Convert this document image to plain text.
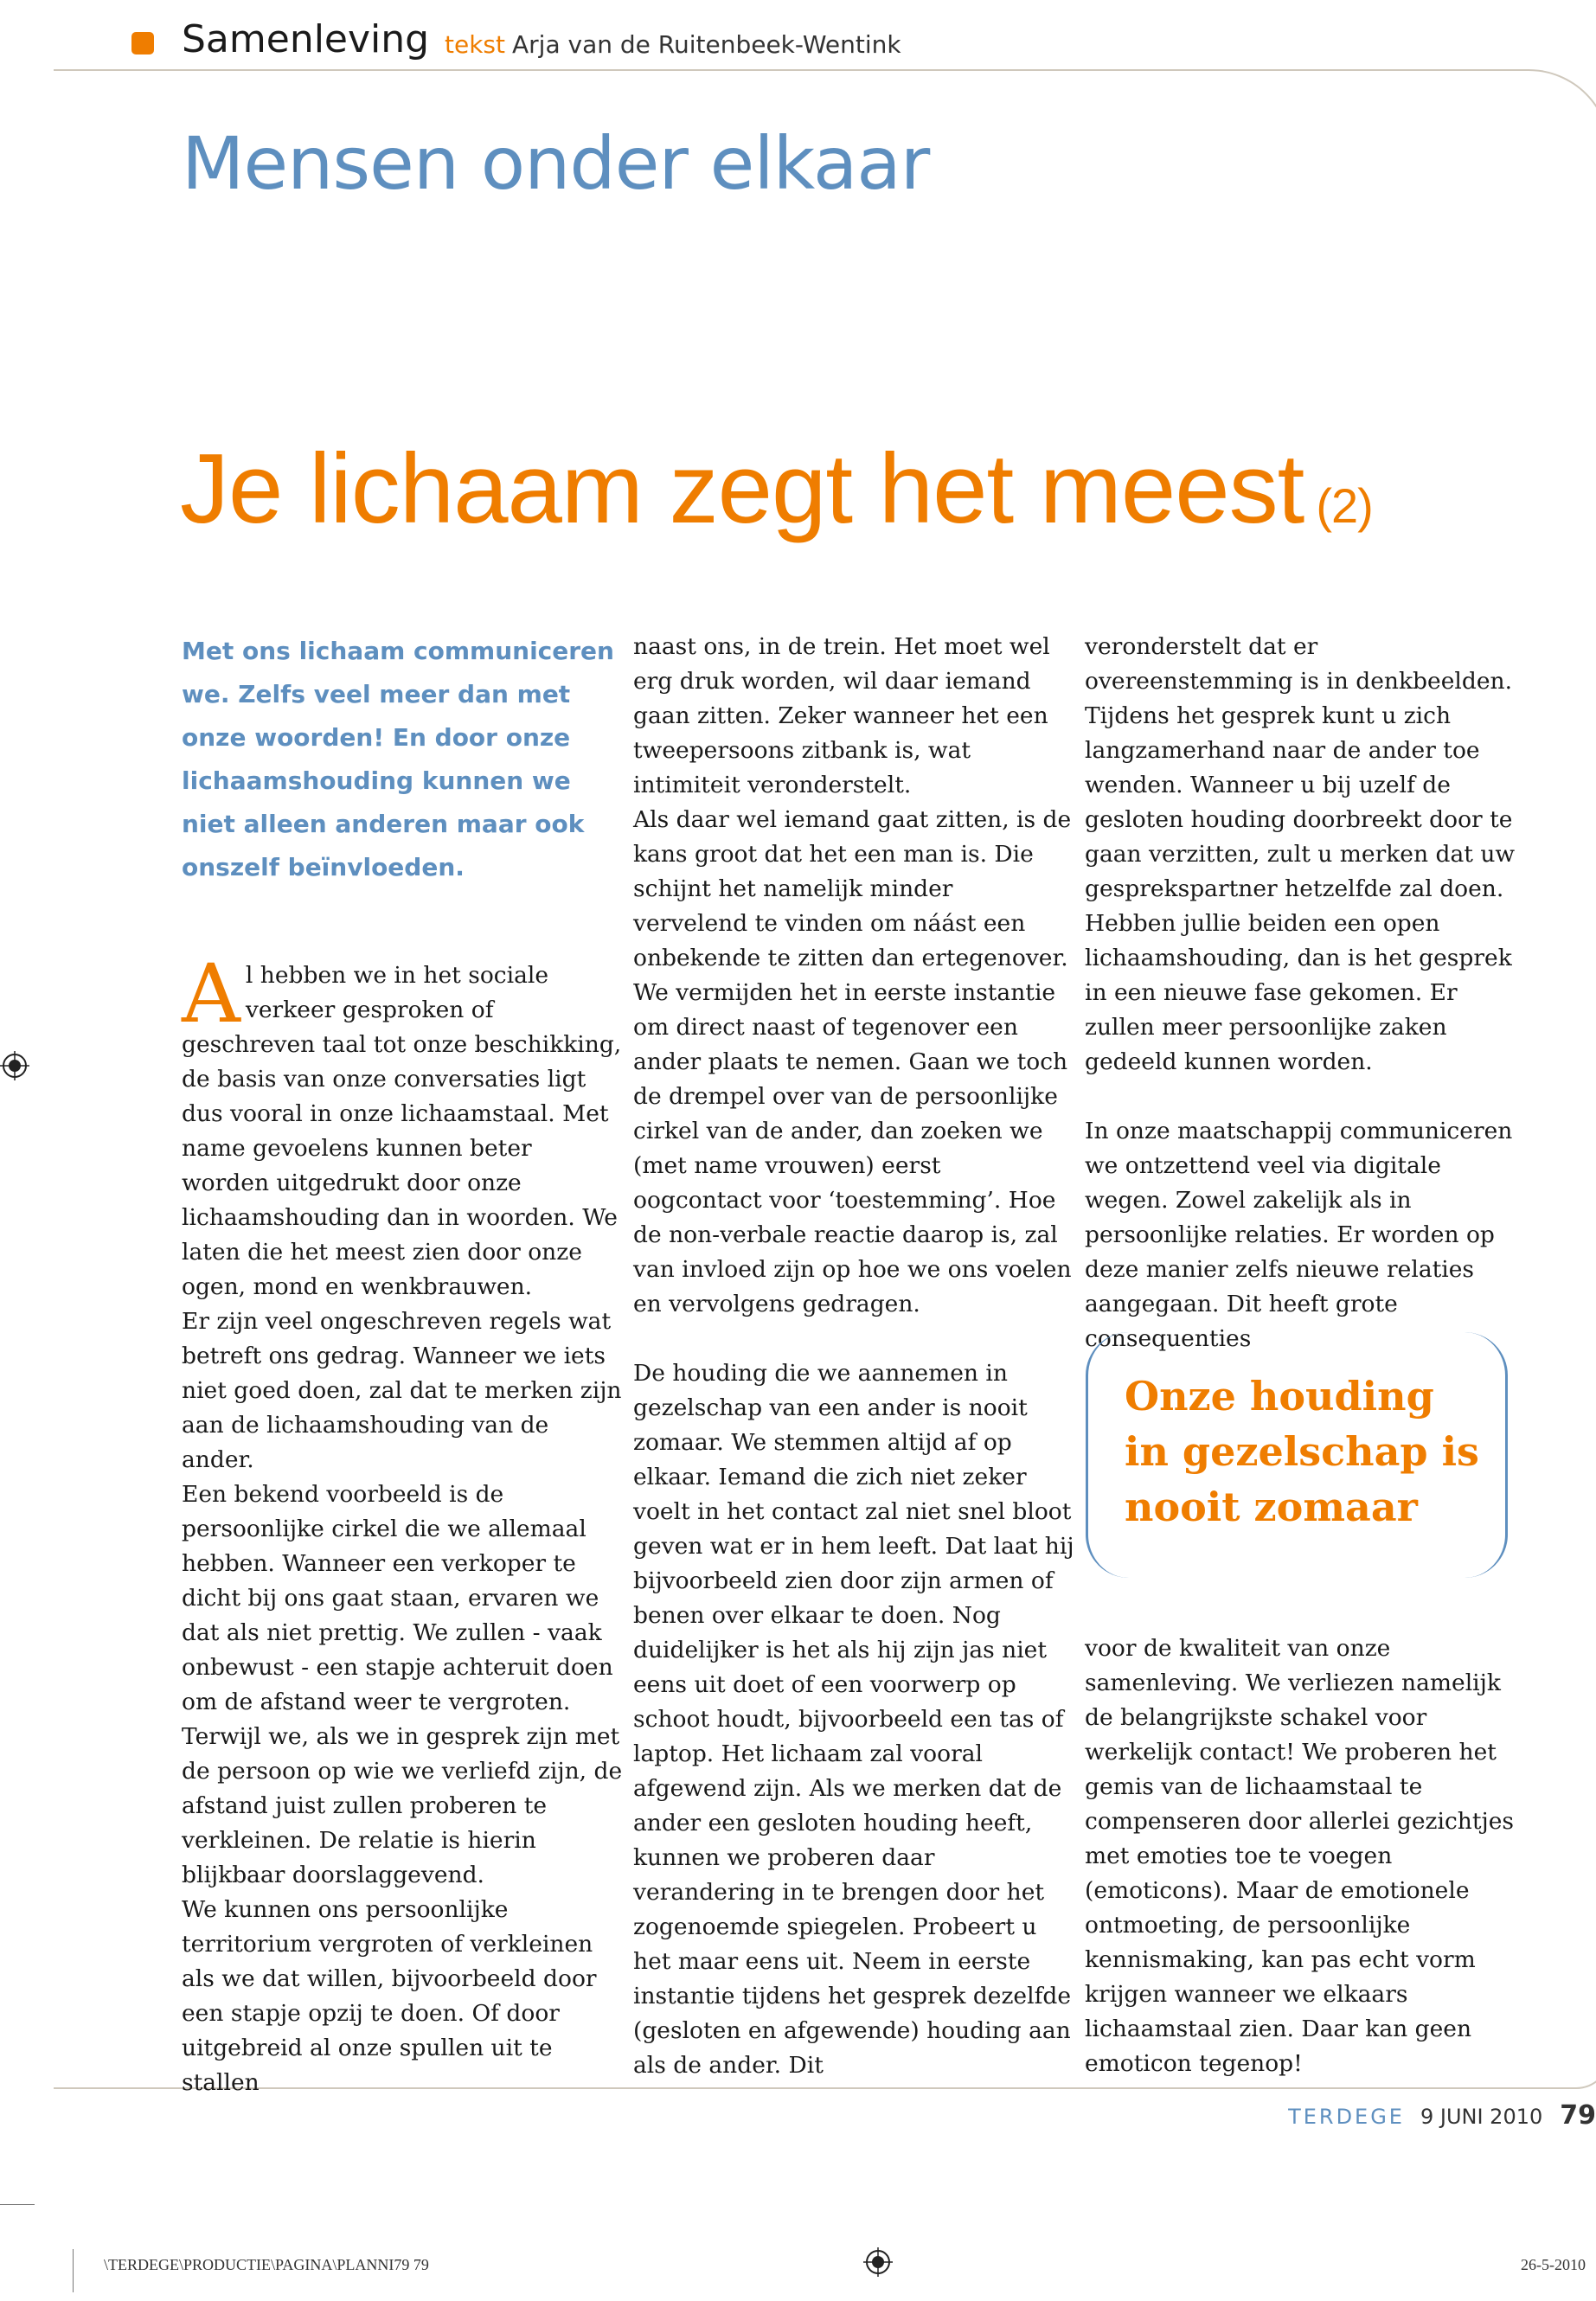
Samenleving tekst Arja van de Ruitenbeek-Wentink
Mensen onder elkaar
Je lichaam zegt het meest (2)

Met ons lichaam communiceren we. Zelfs veel meer dan met onze woorden! En door onze lichaamshouding kunnen we niet alleen anderen maar ook onszelf beïnvloeden.

Al hebben we in het sociale verkeer gesproken of geschreven taal tot onze beschikking, de basis van onze conversaties ligt dus vooral in onze lichaamstaal. Met name gevoelens kunnen beter worden uitgedrukt door onze lichaamshouding dan in woorden. We laten die het meest zien door onze ogen, mond en wenkbrauwen.

Er zijn veel ongeschreven regels wat betreft ons gedrag. Wanneer we iets niet goed doen, zal dat te merken zijn aan de lichaamshouding van de ander.

Een bekend voorbeeld is de persoonlijke cirkel die we allemaal hebben. Wanneer een verkoper te dicht bij ons gaat staan, ervaren we dat als niet prettig. We zullen - vaak onbewust - een stapje achteruit doen om de afstand weer te vergroten. Terwijl we, als we in gesprek zijn met de persoon op wie we verliefd zijn, de afstand juist zullen proberen te verkleinen. De relatie is hierin blijkbaar doorslaggevend.

We kunnen ons persoonlijke territorium vergroten of verkleinen als we dat willen, bijvoorbeeld door een stapje opzij te doen. Of door uitgebreid al onze spullen uit te stallen

naast ons, in de trein. Het moet wel erg druk worden, wil daar iemand gaan zitten. Zeker wanneer het een tweepersoons zitbank is, wat intimiteit veronderstelt.

Als daar wel iemand gaat zitten, is de kans groot dat het een man is. Die schijnt het namelijk minder vervelend te vinden om náást een onbekende te zitten dan ertegenover.

We vermijden het in eerste instantie om direct naast of tegenover een ander plaats te nemen. Gaan we toch de drempel over van de persoonlijke cirkel van de ander, dan zoeken we (met name vrouwen) eerst oogcontact voor ‘toestemming’. Hoe de non-verbale reactie daarop is, zal van invloed zijn op hoe we ons voelen en vervolgens gedragen.

De houding die we aannemen in gezelschap van een ander is nooit zomaar. We stemmen altijd af op elkaar. Iemand die zich niet zeker voelt in het contact zal niet snel bloot geven wat er in hem leeft. Dat laat hij bijvoorbeeld zien door zijn armen of benen over elkaar te doen. Nog duidelijker is het als hij zijn jas niet eens uit doet of een voorwerp op schoot houdt, bijvoorbeeld een tas of laptop. Het lichaam zal vooral afgewend zijn. Als we merken dat de ander een gesloten houding heeft, kunnen we proberen daar verandering in te brengen door het zogenoemde spiegelen. Probeert u het maar eens uit. Neem in eerste instantie tijdens het gesprek dezelfde (gesloten en afgewende) houding aan als de ander. Dit

veronderstelt dat er overeenstemming is in denkbeelden. Tijdens het gesprek kunt u zich langzamerhand naar de ander toe wenden. Wanneer u bij uzelf de gesloten houding doorbreekt door te gaan verzitten, zult u merken dat uw gesprekspartner hetzelfde zal doen. Hebben jullie beiden een open lichaamshouding, dan is het gesprek in een nieuwe fase gekomen. Er zullen meer persoonlijke zaken gedeeld kunnen worden.

In onze maatschappij communiceren we ontzettend veel via digitale wegen. Zowel zakelijk als in persoonlijke relaties. Er worden op deze manier zelfs nieuwe relaties aangegaan. Dit heeft grote consequenties

Onze houding in gezelschap is nooit zomaar

voor de kwaliteit van onze samenleving. We verliezen namelijk de belangrijkste schakel voor werkelijk contact! We proberen het gemis van de lichaamstaal te compenseren door allerlei gezichtjes met emoties toe te voegen (emoticons). Maar de emotionele ontmoeting, de persoonlijke kennismaking, kan pas echt vorm krijgen wanneer we elkaars lichaamstaal zien. Daar kan geen emoticon tegenop!

TERDEGE 9 JUNI 2010 79
\TERDEGE\PRODUCTIE\PAGINA\PLANNI79 79	26-5-2010
